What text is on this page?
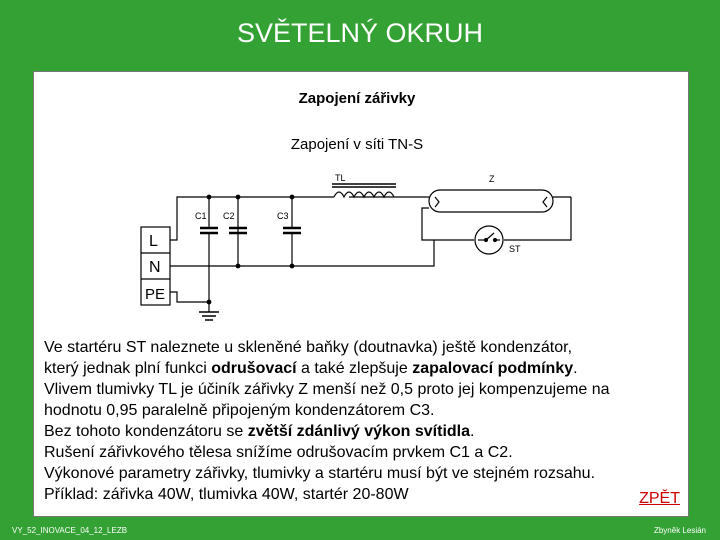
SVĚTELNÝ OKRUH
Zapojení zářivky
Zapojení v síti TN-S
L
N
PE
TL	Z
ST
C1 C2	C3

Ve startéru ST naleznete u skleněné baňky (doutnavka) ještě kondenzátor,

který jednak plní funkci odrušovací a také zlepšuje zapalovací podmínky.

Vlivem tlumivky TL je účiník zářivky Z menší než 0,5 proto jej kompenzujeme na

hodnotu 0,95 paralelně připojeným kondenzátorem C3.

Bez tohoto kondenzátoru se zvětší zdánlivý výkon svítidla.

Rušení zářivkového tělesa snížíme odrušovacím prvkem C1 a C2.

Výkonové parametry zářivky, tlumivky a startéru musí být ve stejném rozsahu.

Příklad: zářivka 40W, tlumivka 40W, startér 20-80W	ZPĚT
VY_52_INOVACE_04_12_LEZB	Zbyněk Lesián
